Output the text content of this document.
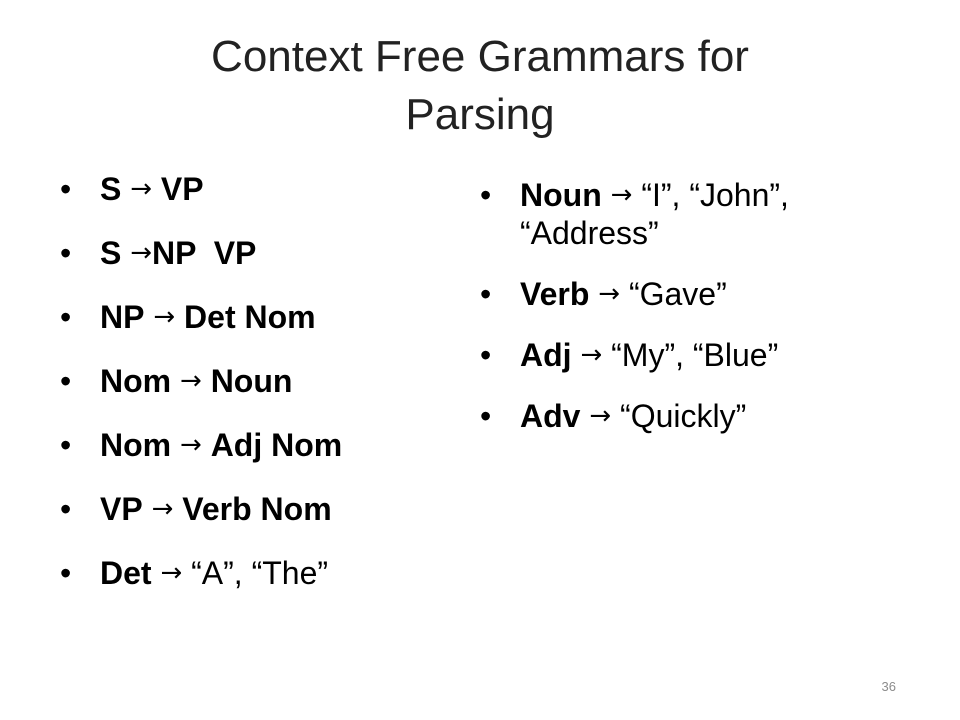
Context Free Grammars for
Parsing
• S → VP
• S →NP  VP
• NP → Det Nom
• Nom → Noun
• Nom → Adj Nom
• VP → Verb Nom
• Det → “A”, “The”
• Noun → “I”, “John”, “Address”
• Verb → “Gave”
• Adj → “My”, “Blue”
• Adv → “Quickly”
36
